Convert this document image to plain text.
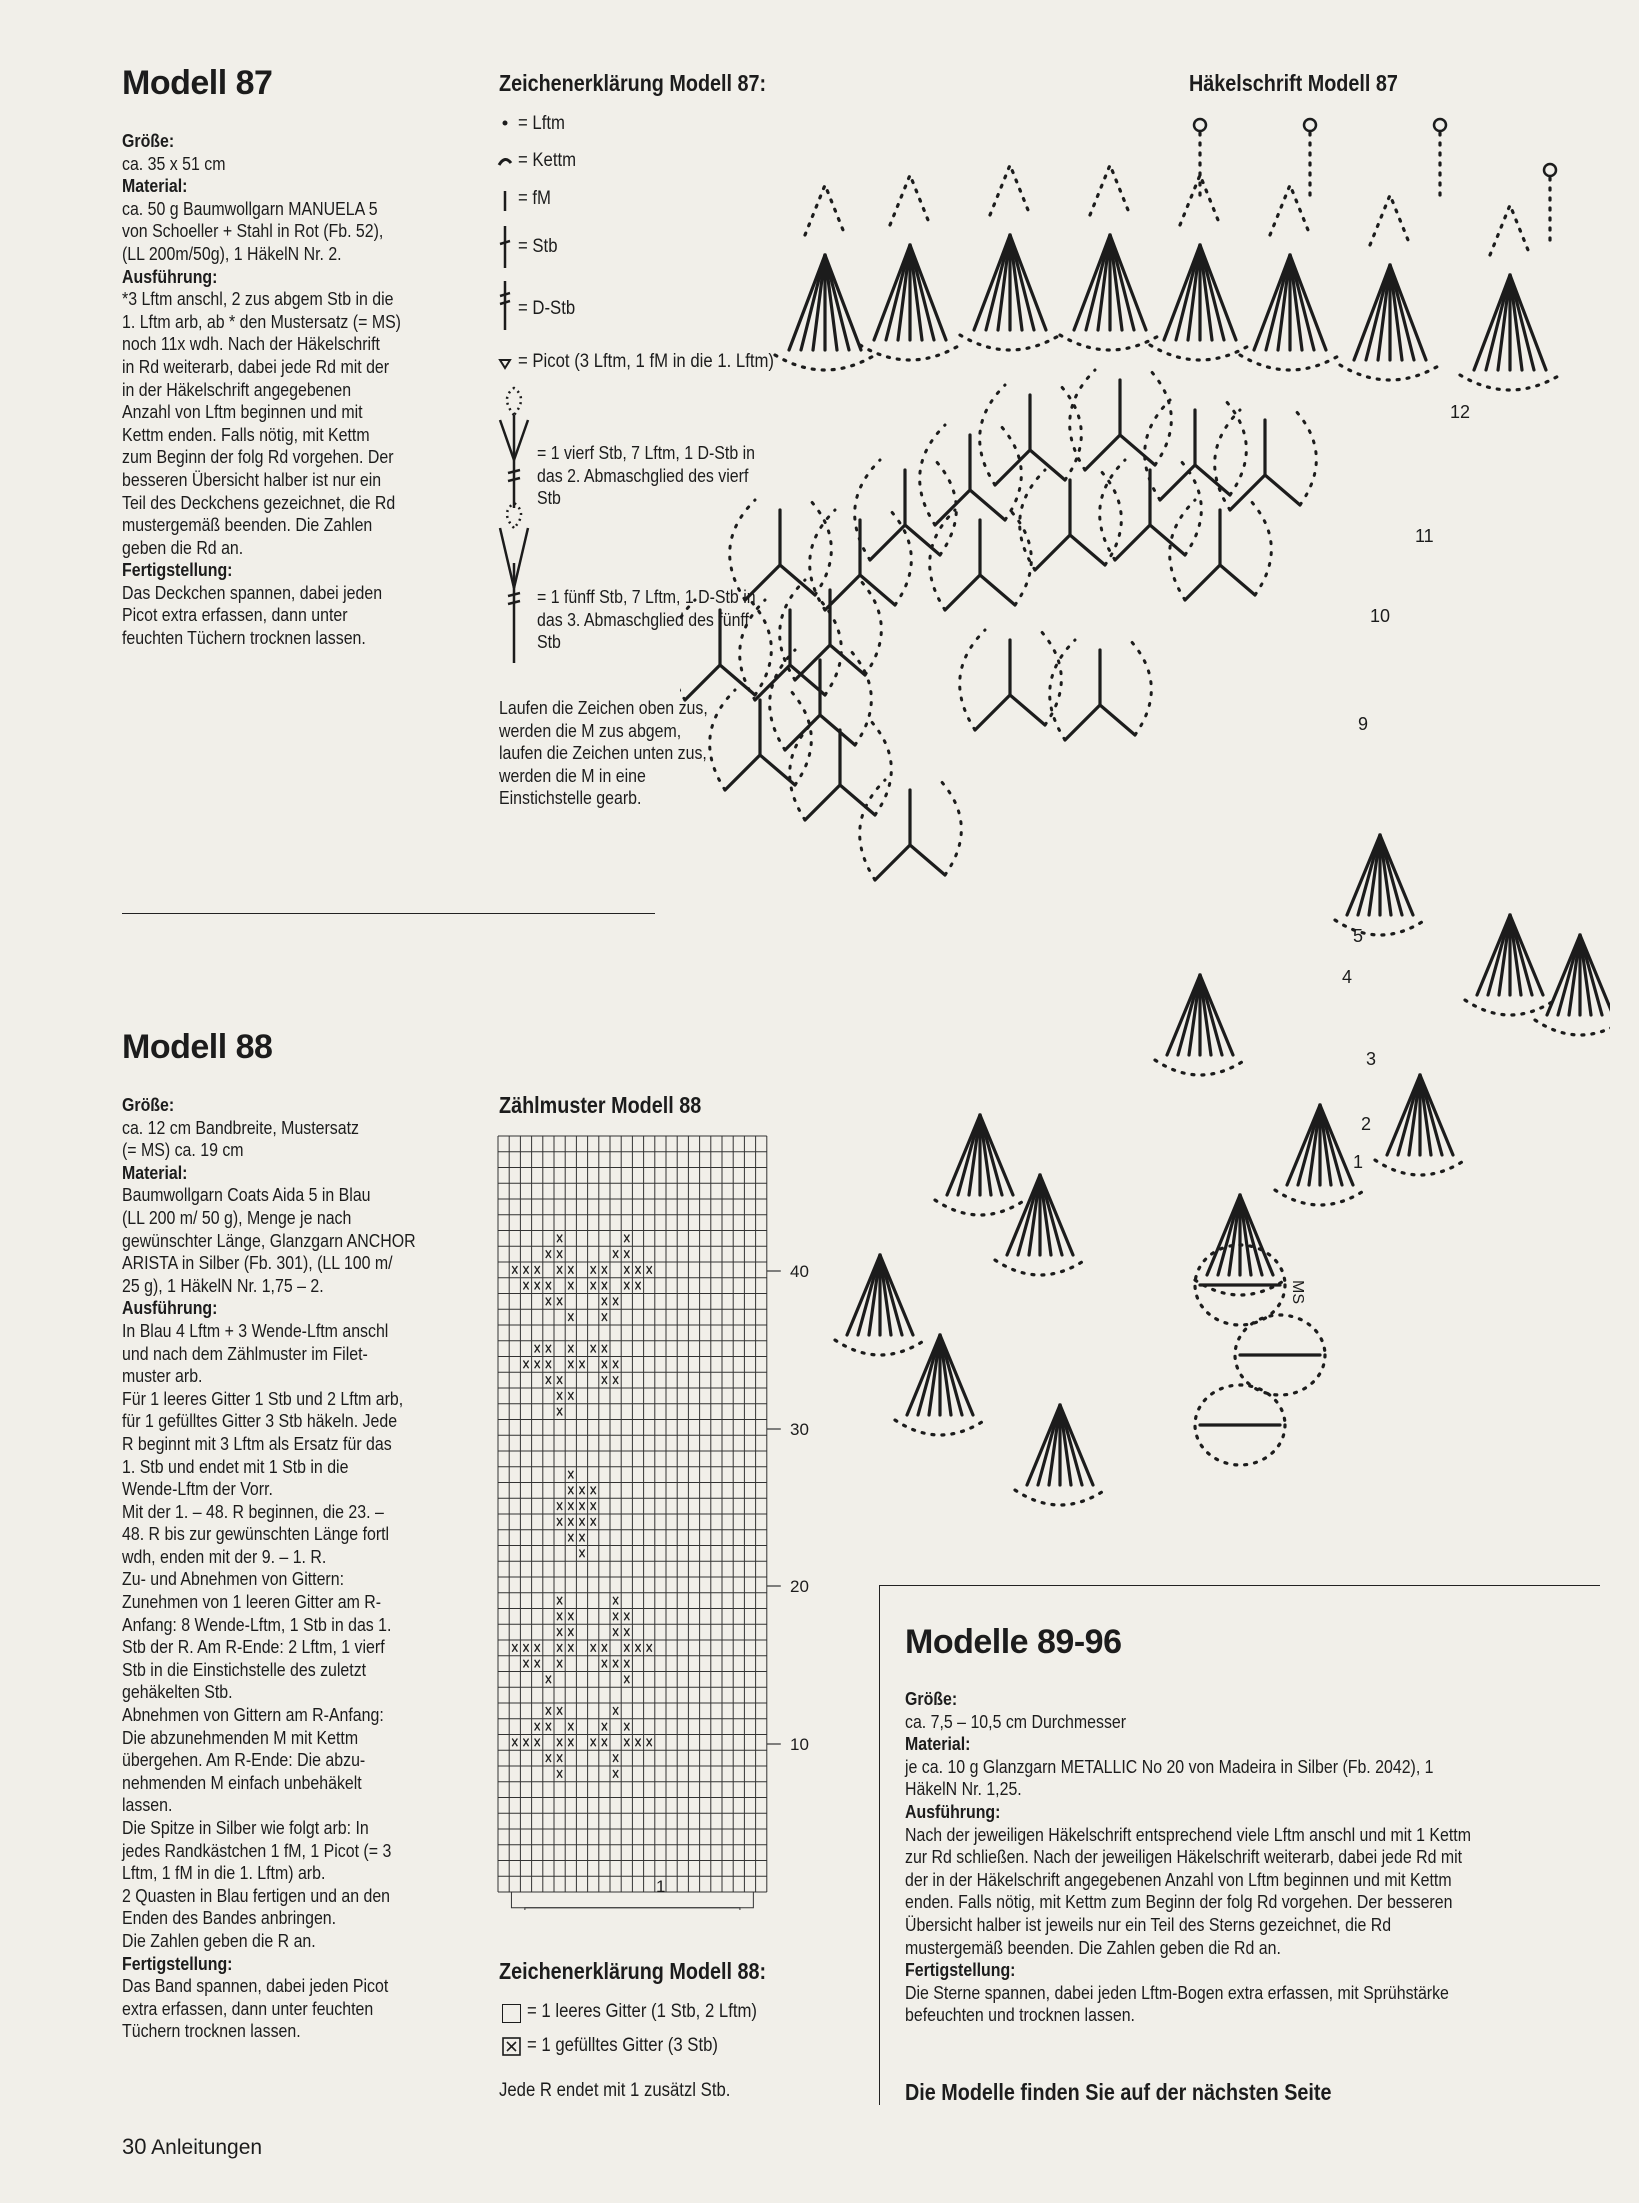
Modell 87

Größe:

ca. 35 x 51 cm

Material:

ca. 50 g Baumwollgarn MANUELA 5
von Schoeller + Stahl in Rot (Fb. 52),
(LL 200m/50g), 1 HäkelN Nr. 2.

Ausführung:

*3 Lftm anschl, 2 zus abgem Stb in die
1. Lftm arb, ab * den Mustersatz (= MS)
noch 11x wdh. Nach der Häkelschrift
in Rd weiterarb, dabei jede Rd mit der
in der Häkelschrift angegebenen
Anzahl von Lftm beginnen und mit
Kettm enden. Falls nötig, mit Kettm
zum Beginn der folg Rd vorgehen. Der
besseren Übersicht halber ist nur ein
Teil des Deckchens gezeichnet, die Rd
mustergemäß beenden. Die Zahlen
geben die Rd an.

Fertigstellung:

Das Deckchen spannen, dabei jeden
Picot extra erfassen, dann unter
feuchten Tüchern trocknen lassen.
Zeichenerklärung Modell 87:
= Lftm
= Kettm
= fM
= Stb
= D-Stb
= Picot (3 Lftm, 1 fM in die 1. Lftm)
= 1 vierf Stb, 7 Lftm, 1 D-Stb in
das 2. Abmaschglied des vierf
Stb
= 1 fünff Stb, 7 Lftm, 1 D-Stb in
das 3. Abmaschglied des fünff
Stb
Laufen die Zeichen oben zus,
werden die M zus abgem,
laufen die Zeichen unten zus,
werden die M in eine
Einstichstelle gearb.
Häkelschrift Modell 87
12
11
10
9
5
4
3
2
1
MS
Modell 88

Größe:

ca. 12 cm Bandbreite, Mustersatz
(= MS) ca. 19 cm

Material:

Baumwollgarn Coats Aida 5 in Blau
(LL 200 m/ 50 g), Menge je nach
gewünschter Länge, Glanzgarn ANCHOR
ARISTA in Silber (Fb. 301), (LL 100 m/
25 g), 1 HäkelN Nr. 1,75 – 2.

Ausführung:

In Blau 4 Lftm + 3 Wende-Lftm anschl
und nach dem Zählmuster im Filet-
muster arb.
Für 1 leeres Gitter 1 Stb und 2 Lftm arb,
für 1 gefülltes Gitter 3 Stb häkeln. Jede
R beginnt mit 3 Lftm als Ersatz für das
1. Stb und endet mit 1 Stb in die
Wende-Lftm der Vorr.
Mit der 1. – 48. R beginnen, die 23. –
48. R bis zur gewünschten Länge fortl
wdh, enden mit der 9. – 1. R.
Zu- und Abnehmen von Gittern:
Zunehmen von 1 leeren Gitter am R-
Anfang: 8 Wende-Lftm, 1 Stb in das 1.
Stb der R. Am R-Ende: 2 Lftm, 1 vierf
Stb in die Einstichstelle des zuletzt
gehäkelten Stb.
Abnehmen von Gittern am R-Anfang:
Die abzunehmenden M mit Kettm
übergehen. Am R-Ende: Die abzu-
nehmenden M einfach unbehäkelt
lassen.
Die Spitze in Silber wie folgt arb: In
jedes Randkästchen 1 fM, 1 Picot (= 3
Lftm, 1 fM in die 1. Lftm) arb.
2 Quasten in Blau fertigen und an den
Enden des Bandes anbringen.
Die Zahlen geben die R an.

Fertigstellung:

Das Band spannen, dabei jeden Picot
extra erfassen, dann unter feuchten
Tüchern trocknen lassen.
Zählmuster Modell 88
40
30
20
10
1
Zeichenerklärung Modell 88:
= 1 leeres Gitter (1 Stb, 2 Lftm)
= 1 gefülltes Gitter (3 Stb)
Jede R endet mit 1 zusätzl Stb.
Modelle 89-96

Größe:

ca. 7,5 – 10,5 cm Durchmesser

Material:

je ca. 10 g Glanzgarn METALLIC No 20 von Madeira in Silber (Fb. 2042), 1
HäkelN Nr. 1,25.

Ausführung:

Nach der jeweiligen Häkelschrift entsprechend viele Lftm anschl und mit 1 Kettm
zur Rd schließen. Nach der jeweiligen Häkelschrift weiterarb, dabei jede Rd mit
der in der Häkelschrift angegebenen Anzahl von Lftm beginnen und mit Kettm
enden. Falls nötig, mit Kettm zum Beginn der folg Rd vorgehen. Der besseren
Übersicht halber ist jeweils nur ein Teil des Sterns gezeichnet, die Rd
mustergemäß beenden. Die Zahlen geben die Rd an.

Fertigstellung:

Die Sterne spannen, dabei jeden Lftm-Bogen extra erfassen, mit Sprühstärke
befeuchten und trocknen lassen.
Die Modelle finden Sie auf der nächsten Seite
30 Anleitungen
